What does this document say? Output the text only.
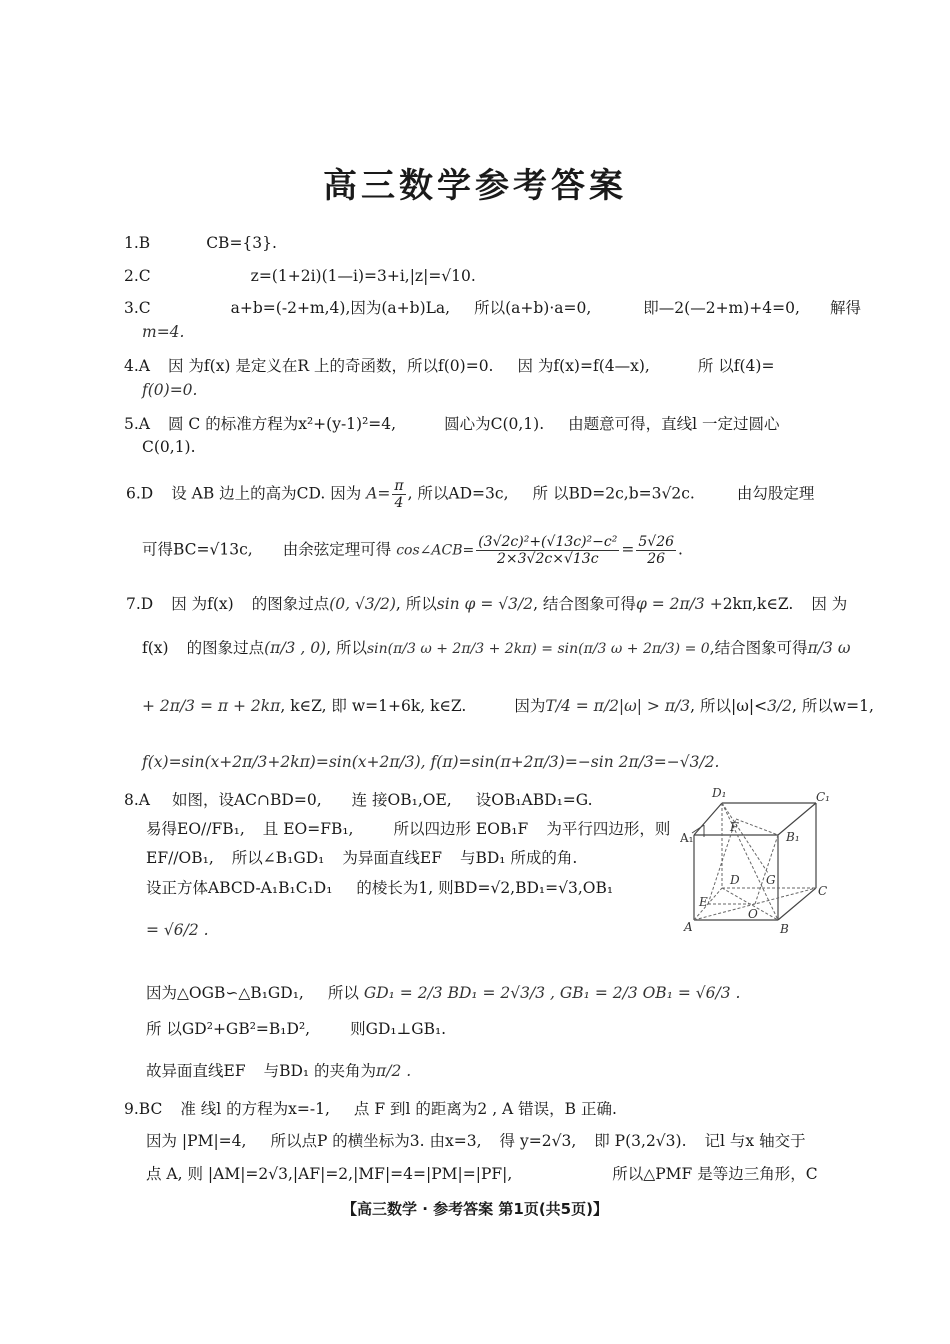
高三数学参考答案
1.B	CB={3}.
2.C	z=(1+2i)(1—i)=3+i,|z|=√10.
3.C	a+b=(-2+m,4),因为(a+b)La, 所以(a+b)·a=0,	即—2(—2+m)+4=0, 解得
m=4.
4.A 因 为f(x) 是定义在R 上的奇函数，所以f(0)=0. 因 为f(x)=f(4—x),	所 以f(4)=
f(0)=0.
5.A 圆 C 的标准方程为x²+(y-1)²=4,	圆心为C(0,1). 由题意可得，直线l 一定过圆心
C(0,1).
6.D 设 AB 边上的高为CD. 因为 $A= \frac{\pi}{4}$ , 所以AD=3c, 所 以BD=2c,b=3√2c.	由勾股定理
可得BC=√13c, 由余弦定理可得 cos∠ACB= $\frac{\text{(3√2c)²+(√13c)²−c²}}{2\times 3√2c\times√13c} = \frac{5√26}{26}$ .
7.D 因 为f(x) 的图象过点(0, √3/2), 所以sin φ = √3/2, 结合图象可得φ = 2π/3 +2kπ,k∈Z. 因 为
f(x) 的图象过点(π/3 , 0), 所以sin(π/3 ω + 2π/3 + 2kπ) = sin(π/3 ω + 2π/3) = 0,结合图象可得π/3 ω
+ 2π/3 = π + 2kπ, k∈Z, 即 w=1+6k, k∈Z.	因为T/4 = π/2|ω| > π/3, 所以|ω|<3/2, 所以w=1,
f(x)=sin(x+2π/3+2kπ)=sin(x+2π/3), f(π)=sin(π+2π/3)=−sin 2π/3=−√3/2.
8.A 如图，设AC∩BD=0, 连 接OB₁,OE, 设OB₁ABD₁=G.
易得EO//FB₁, 且 EO=FB₁,	所以四边形 EOB₁F 为平行四边形，则
EF//OB₁, 所以∠B₁GD₁ 为异面直线EF 与BD₁ 所成的角.
设正方体ABCD-A₁B₁C₁D₁ 的棱长为1, 则BD=√2,BD₁=√3,OB₁
= √6/2 .
因为△OGB∽△B₁GD₁, 所以 GD₁ = 2/3 BD₁ = 2√3/3 , GB₁ = 2/3 OB₁ = √6/3 .
所 以GD²+GB²=B₁D²,	则GD₁⊥GB₁.
故异面直线EF 与BD₁ 的夹角为π/2 .
D₁	C₁
A₁
F
B₁
D G
C
E
O
A	B
9.BC 准 线l 的方程为x=-1, 点 F 到l 的距离为2 , A 错误，B 正确.
因为 |PM|=4, 所以点P 的横坐标为3. 由x=3, 得 y=2√3, 即 P(3,2√3). 记l 与x 轴交于
点 A, 则 |AM|=2√3,|AF|=2,|MF|=4=|PM|=|PF|,	所以△PMF 是等边三角形，C
【高三数学 · 参考答案 第1页(共5页)】
